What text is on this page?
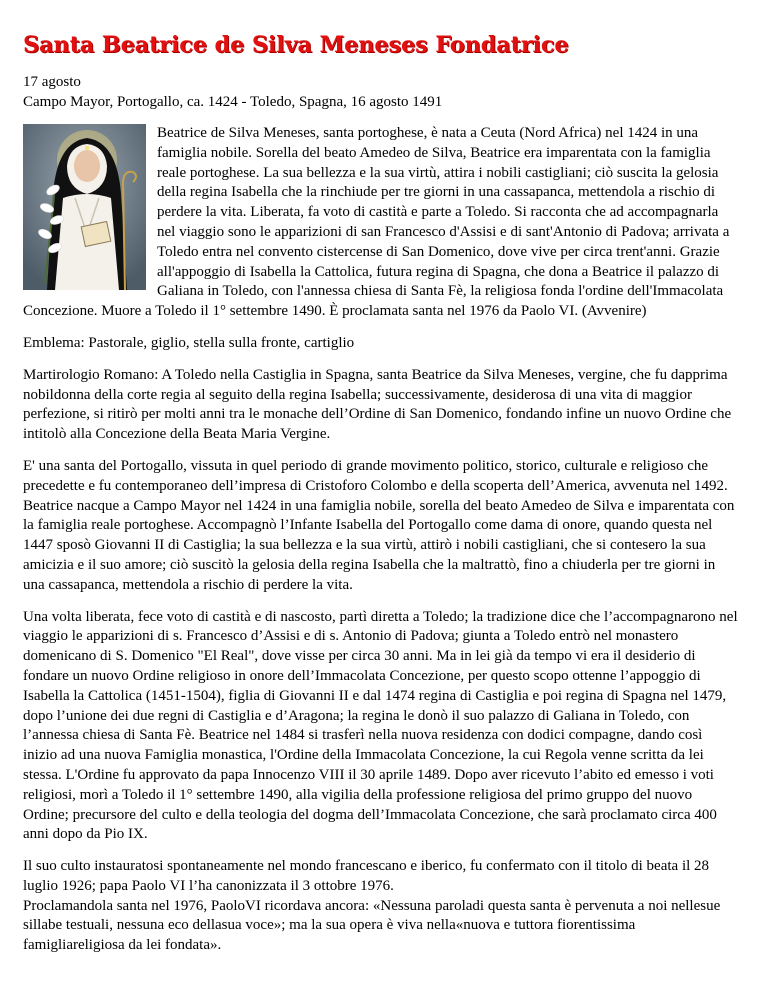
Santa Beatrice de Silva Meneses Fondatrice
17 agosto
Campo Mayor, Portogallo, ca. 1424 - Toledo, Spagna, 16 agosto 1491

Beatrice de Silva Meneses, santa portoghese, è nata a Ceuta (Nord Africa) nel 1424 in una famiglia nobile. Sorella del beato Amedeo de Silva, Beatrice era imparentata con la famiglia reale portoghese. La sua bellezza e la sua virtù, attira i nobili castigliani; ciò suscita la gelosia della regina Isabella che la rinchiude per tre giorni in una cassapanca, mettendola a rischio di perdere la vita. Liberata, fa voto di castità e parte a Toledo. Si racconta che ad accompagnarla nel viaggio sono le apparizioni di san Francesco d'Assisi e di sant'Antonio di Padova; arrivata a Toledo entra nel convento cistercense di San Domenico, dove vive per circa trent'anni. Grazie all'appoggio di Isabella la Cattolica, futura regina di Spagna, che dona a Beatrice il palazzo di Galiana in Toledo, con l'annessa chiesa di Santa Fè, la religiosa fonda l'ordine dell'Immacolata Concezione. Muore a Toledo il 1° settembre 1490. È proclamata santa nel 1976 da Paolo VI. (Avvenire)

Emblema: Pastorale, giglio, stella sulla fronte, cartiglio

Martirologio Romano: A Toledo nella Castiglia in Spagna, santa Beatrice da Silva Meneses, vergine, che fu dapprima nobildonna della corte regia al seguito della regina Isabella; successivamente, desiderosa di una vita di maggior perfezione, si ritirò per molti anni tra le monache dell’Ordine di San Domenico, fondando infine un nuovo Ordine che intitolò alla Concezione della Beata Maria Vergine.

E' una santa del Portogallo, vissuta in quel periodo di grande movimento politico, storico, culturale e religioso che precedette e fu contemporaneo dell’impresa di Cristoforo Colombo e della scoperta dell’America, avvenuta nel 1492. Beatrice nacque a Campo Mayor nel 1424 in una famiglia nobile, sorella del beato Amedeo de Silva e imparentata con la famiglia reale portoghese. Accompagnò l’Infante Isabella del Portogallo come dama di onore, quando questa nel 1447 sposò Giovanni II di Castiglia; la sua bellezza e la sua virtù, attirò i nobili castigliani, che si contesero la sua amicizia e il suo amore; ciò suscitò la gelosia della regina Isabella che la maltrattò, fino a chiuderla per tre giorni in una cassapanca, mettendola a rischio di perdere la vita.

Una volta liberata, fece voto di castità e di nascosto, partì diretta a Toledo; la tradizione dice che l’accompagnarono nel viaggio le apparizioni di s. Francesco d’Assisi e di s. Antonio di Padova; giunta a Toledo entrò nel monastero domenicano di S. Domenico "El Real", dove visse per circa 30 anni. Ma in lei già da tempo vi era il desiderio di fondare un nuovo Ordine religioso in onore dell’Immacolata Concezione, per questo scopo ottenne l’appoggio di Isabella la Cattolica (1451-1504), figlia di Giovanni II e dal 1474 regina di Castiglia e poi regina di Spagna nel 1479, dopo l’unione dei due regni di Castiglia e d’Aragona; la regina le donò il suo palazzo di Galiana in Toledo, con l’annessa chiesa di Santa Fè. Beatrice nel 1484 si trasferì nella nuova residenza con dodici compagne, dando così inizio ad una nuova Famiglia monastica, l'Ordine della Immacolata Concezione, la cui Regola venne scritta da lei stessa. L'Ordine fu approvato da papa Innocenzo VIII il 30 aprile 1489. Dopo aver ricevuto l’abito ed emesso i voti religiosi, morì a Toledo il 1° settembre 1490, alla vigilia della professione religiosa del primo gruppo del nuovo Ordine; precursore del culto e della teologia del dogma dell’Immacolata Concezione, che sarà proclamato circa 400 anni dopo da Pio IX.

Il suo culto instauratosi spontaneamente nel mondo francescano e iberico, fu confermato con il titolo di beata il 28 luglio 1926; papa Paolo VI l’ha canonizzata il 3 ottobre 1976.
Proclamandola santa nel 1976, PaoloVI ricordava ancora: «Nessuna paroladi questa santa è pervenuta a noi nellesue sillabe testuali, nessuna eco dellasua voce»; ma la sua opera è viva nella«nuova e tuttora fiorentissima famigliareligiosa da lei fondata».
